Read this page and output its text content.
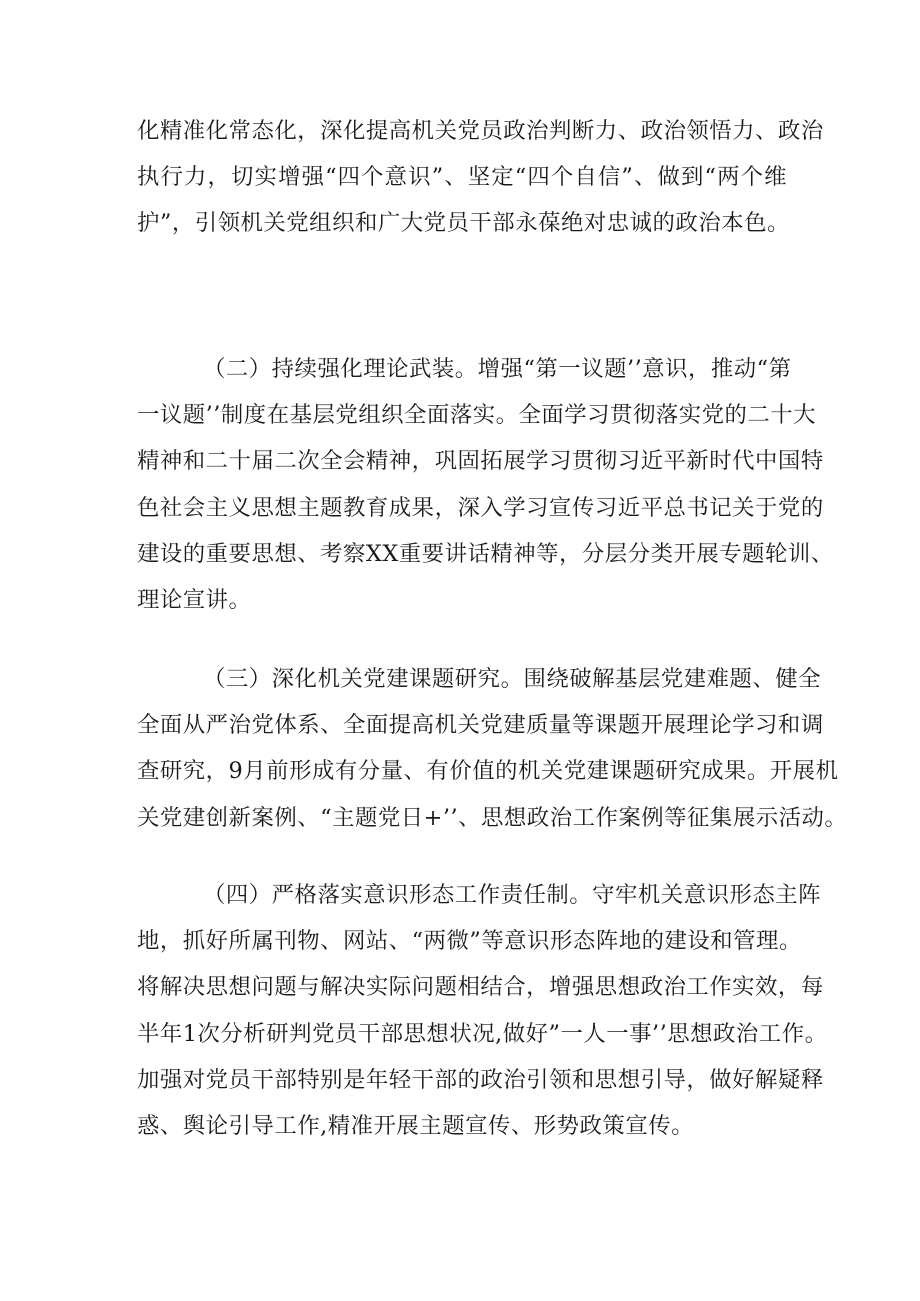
化精准化常态化，深化提高机关党员政治判断力、政治领悟力、政治
执行力，切实增强“四个意识”、坚定“四个自信”、做到“两个维
护”，引领机关党组织和广大党员干部永葆绝对忠诚的政治本色。
（二）持续强化理论武装。增强“第一议题’’意识，推动“第
一议题’’制度在基层党组织全面落实。全面学习贯彻落实党的二十大
精神和二十届二次全会精神，巩固拓展学习贯彻习近平新时代中国特
色社会主义思想主题教育成果，深入学习宣传习近平总书记关于党的
建设的重要思想、考察XX重要讲话精神等，分层分类开展专题轮训、
理论宣讲。
（三）深化机关党建课题研究。围绕破解基层党建难题、健全
全面从严治党体系、全面提高机关党建质量等课题开展理论学习和调
查研究，9月前形成有分量、有价值的机关党建课题研究成果。开展机
关党建创新案例、“主题党日+’’、思想政治工作案例等征集展示活动。
（四）严格落实意识形态工作责任制。守牢机关意识形态主阵
地，抓好所属刊物、网站、“两微”等意识形态阵地的建设和管理。
将解决思想问题与解决实际问题相结合，增强思想政治工作实效，每
半年1次分析研判党员干部思想状况,做好”一人一事’’思想政治工作。
加强对党员干部特别是年轻干部的政治引领和思想引导，做好解疑释
惑、舆论引导工作,精准开展主题宣传、形势政策宣传。
